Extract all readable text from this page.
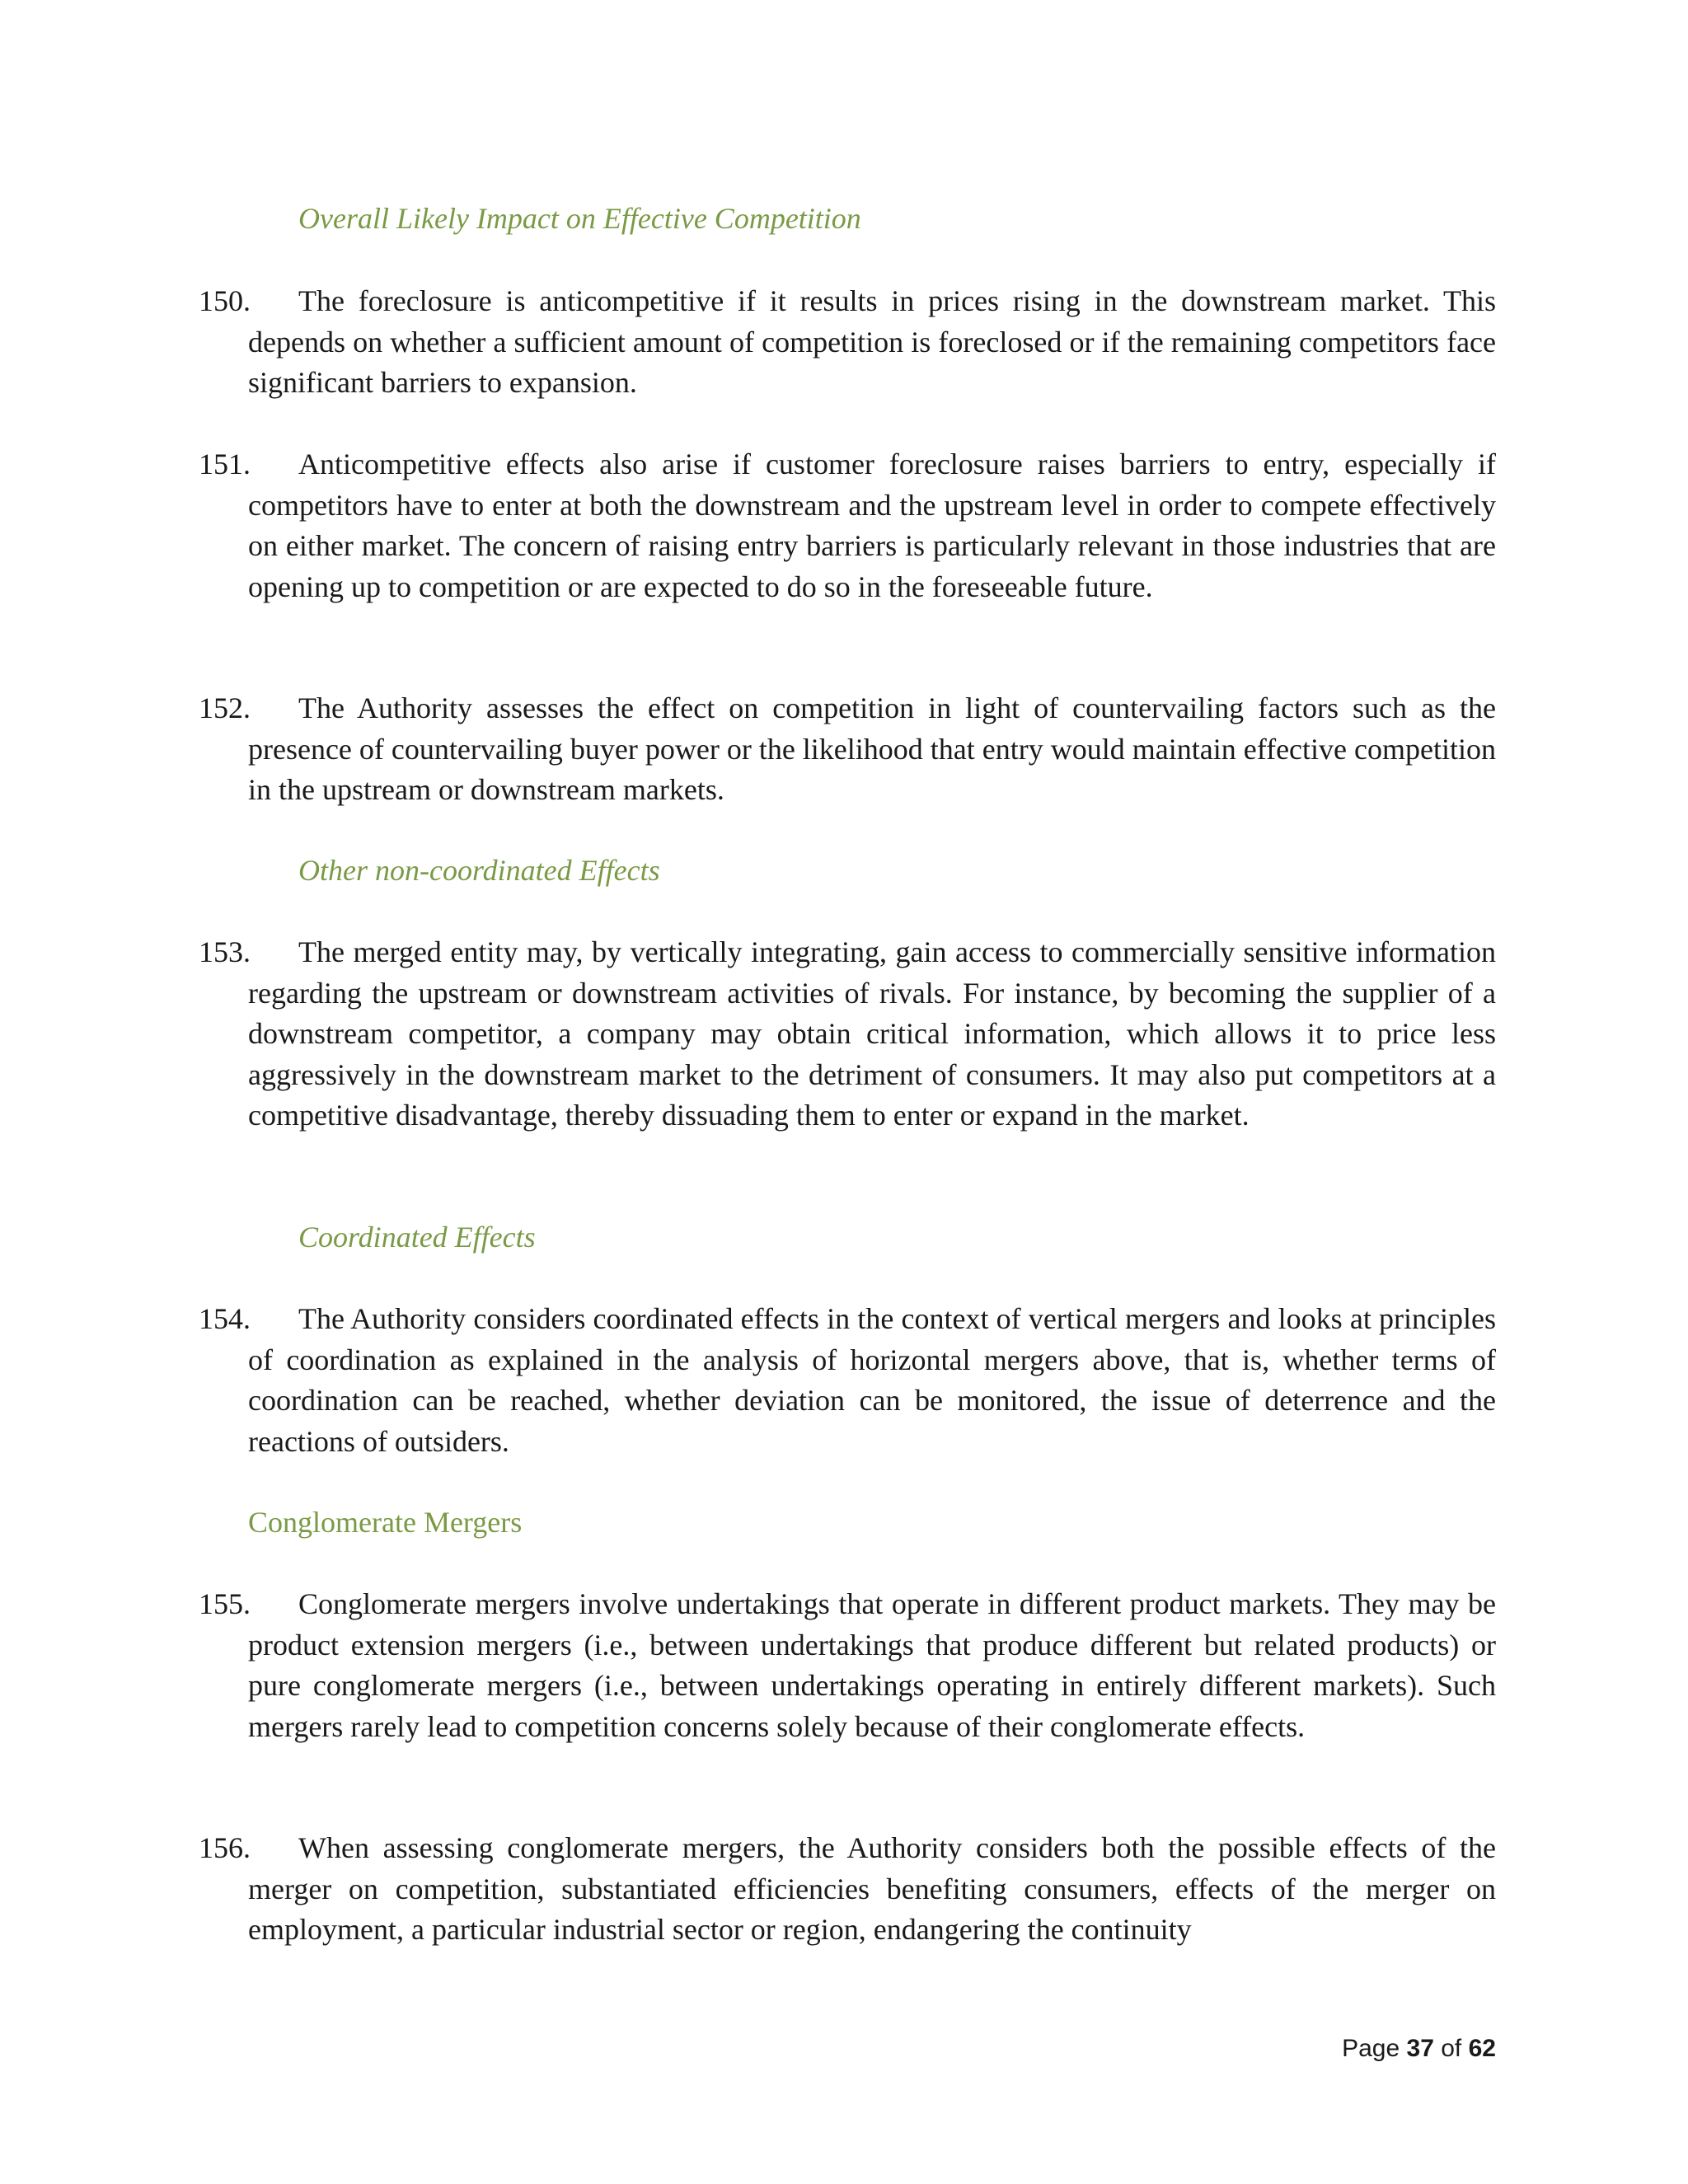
Overall Likely Impact on Effective Competition
150. The foreclosure is anticompetitive if it results in prices rising in the downstream market. This depends on whether a sufficient amount of competition is foreclosed or if the remaining competitors face significant barriers to expansion.
151. Anticompetitive effects also arise if customer foreclosure raises barriers to entry, especially if competitors have to enter at both the downstream and the upstream level in order to compete effectively on either market. The concern of raising entry barriers is particularly relevant in those industries that are opening up to competition or are expected to do so in the foreseeable future.
152. The Authority assesses the effect on competition in light of countervailing factors such as the presence of countervailing buyer power or the likelihood that entry would maintain effective competition in the upstream or downstream markets.
Other non-coordinated Effects
153. The merged entity may, by vertically integrating, gain access to commercially sensitive information regarding the upstream or downstream activities of rivals. For instance, by becoming the supplier of a downstream competitor, a company may obtain critical information, which allows it to price less aggressively in the downstream market to the detriment of consumers. It may also put competitors at a competitive disadvantage, thereby dissuading them to enter or expand in the market.
Coordinated Effects
154. The Authority considers coordinated effects in the context of vertical mergers and looks at principles of coordination as explained in the analysis of horizontal mergers above, that is, whether terms of coordination can be reached, whether deviation can be monitored, the issue of deterrence and the reactions of outsiders.
Conglomerate Mergers
155. Conglomerate mergers involve undertakings that operate in different product markets. They may be product extension mergers (i.e., between undertakings that produce different but related products) or pure conglomerate mergers (i.e., between undertakings operating in entirely different markets). Such mergers rarely lead to competition concerns solely because of their conglomerate effects.
156. When assessing conglomerate mergers, the Authority considers both the possible effects of the merger on competition, substantiated efficiencies benefiting consumers, effects of the merger on employment, a particular industrial sector or region, endangering the continuity
Page 37 of 62
